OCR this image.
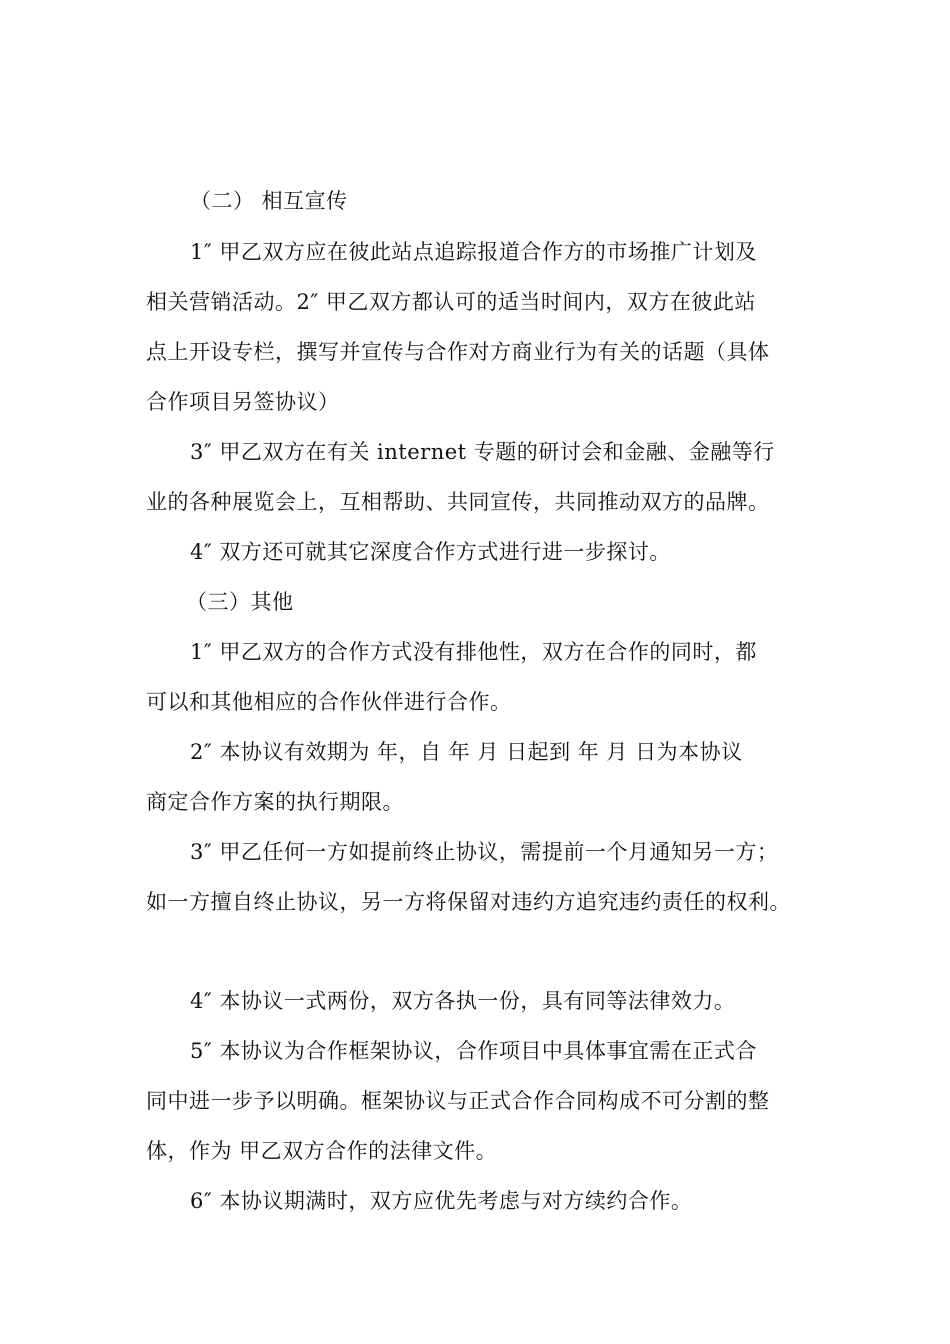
（二） 相互宣传
1″ 甲乙双方应在彼此站点追踪报道合作方的市场推广计划及
相关营销活动。2″ 甲乙双方都认可的适当时间内，双方在彼此站
点上开设专栏，撰写并宣传与合作对方商业行为有关的话题（具体
合作项目另签协议）
3″ 甲乙双方在有关 internet 专题的研讨会和金融、金融等行
业的各种展览会上，互相帮助、共同宣传，共同推动双方的品牌。
4″ 双方还可就其它深度合作方式进行进一步探讨。
（三）其他
1″ 甲乙双方的合作方式没有排他性，双方在合作的同时，都
可以和其他相应的合作伙伴进行合作。
2″ 本协议有效期为 年，自 年 月 日起到 年 月 日为本协议
商定合作方案的执行期限。
3″ 甲乙任何一方如提前终止协议，需提前一个月通知另一方；
如一方擅自终止协议，另一方将保留对违约方追究违约责任的权利。
4″ 本协议一式两份，双方各执一份，具有同等法律效力。
5″ 本协议为合作框架协议，合作项目中具体事宜需在正式合
同中进一步予以明确。框架协议与正式合作合同构成不可分割的整
体，作为 甲乙双方合作的法律文件。
6″ 本协议期满时，双方应优先考虑与对方续约合作。
